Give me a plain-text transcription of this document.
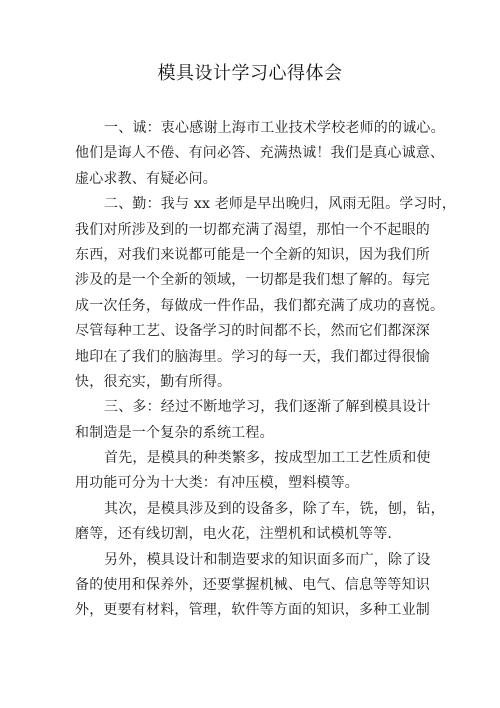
模具设计学习心得体会
一、诚：衷心感谢上海市工业技术学校老师的的诚心。
他们是诲人不倦、有问必答、充满热诚！我们是真心诚意、
虚心求教、有疑必问。
二、勤：我与 xx 老师是早出晚归，风雨无阻。学习时，
我们对所涉及到的一切都充满了渴望，那怕一个不起眼的
东西，对我们来说都可能是一个全新的知识，因为我们所
涉及的是一个全新的领域，一切都是我们想了解的。每完
成一次任务，每做成一件作品，我们都充满了成功的喜悦。
尽管每种工艺、设备学习的时间都不长，然而它们都深深
地印在了我们的脑海里。学习的每一天，我们都过得很愉
快，很充实，勤有所得。
三、多：经过不断地学习，我们逐渐了解到模具设计
和制造是一个复杂的系统工程。
首先，是模具的种类繁多，按成型加工工艺性质和使
用功能可分为十大类：有冲压模，塑料模等。
其次，是模具涉及到的设备多，除了车，铣，刨，钻，
磨等，还有线切割，电火花，注塑机和试模机等等.
另外，模具设计和制造要求的知识面多而广，除了设
备的使用和保养外，还要掌握机械、电气、信息等等知识
外，更要有材料，管理，软件等方面的知识，多种工业制
